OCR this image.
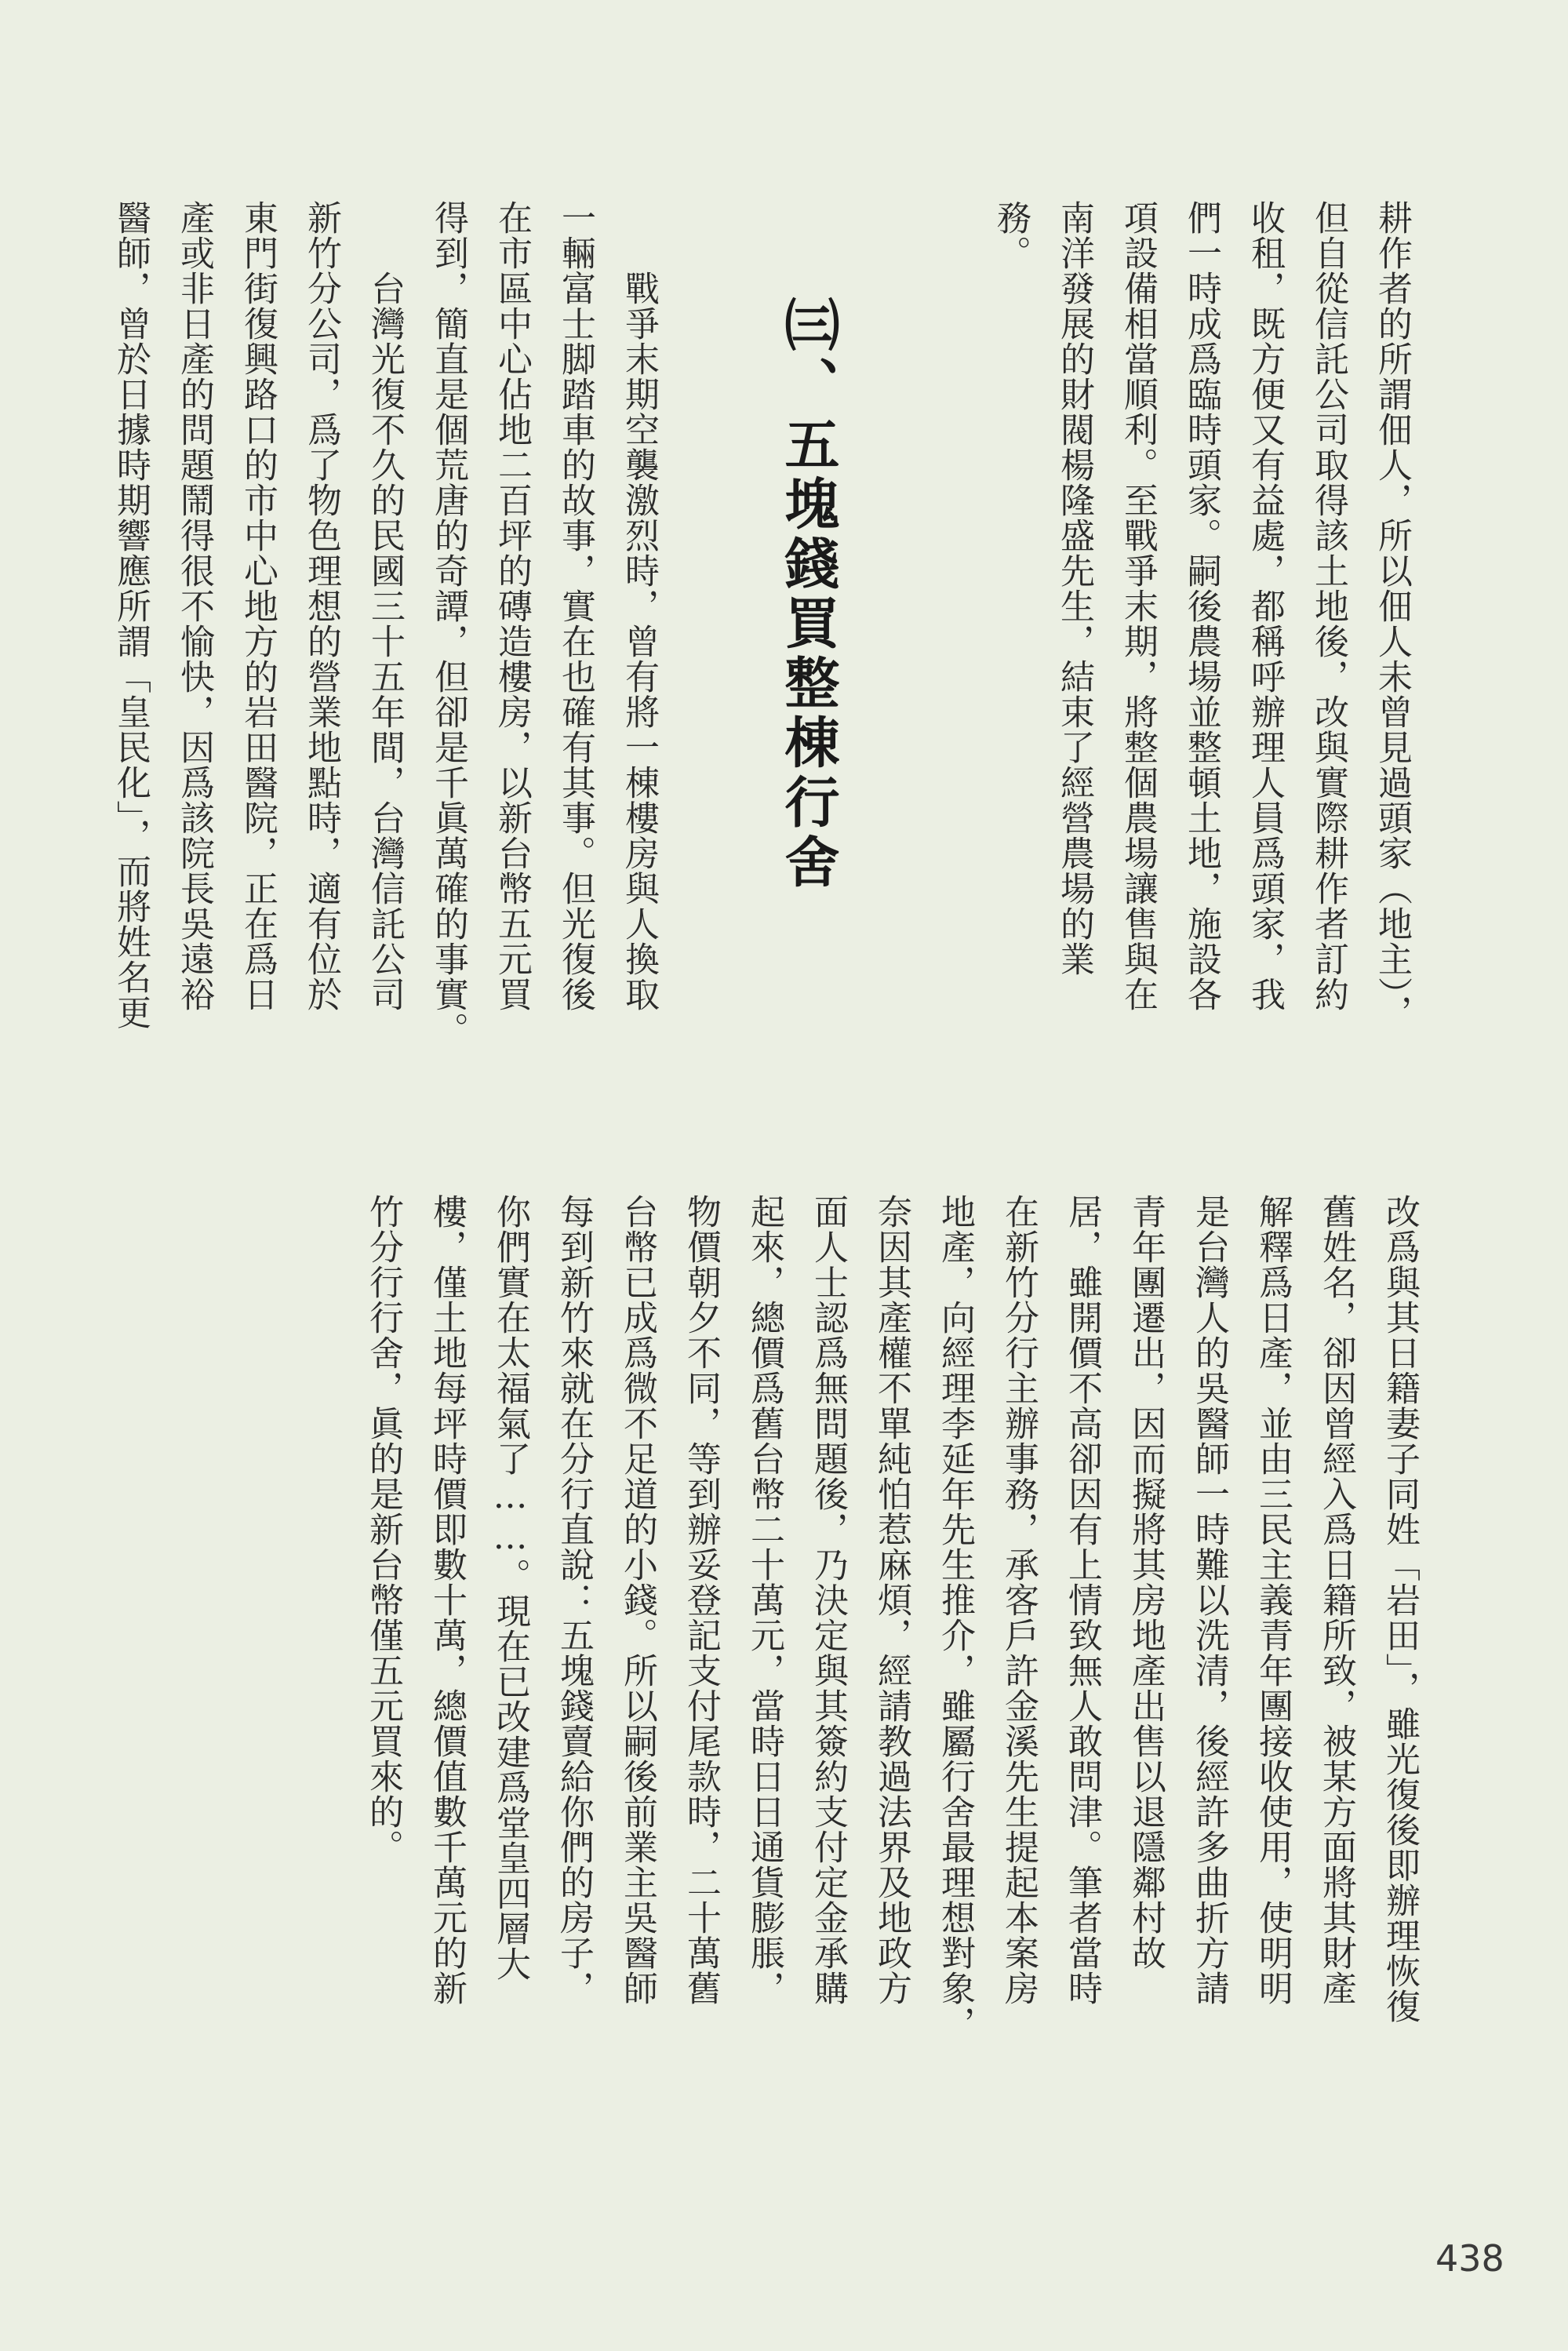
耕作者的所謂佃人，所以佃人未曾見過頭家（地主），
但自從信託公司取得該土地後，改與實際耕作者訂約
收租，既方便又有益處，都稱呼辦理人員爲頭家，我
們一時成爲臨時頭家。嗣後農場並整頓土地，施設各
項設備相當順利。至戰爭末期，將整個農場讓售與在
南洋發展的財閥楊隆盛先生，結束了經營農場的業
務。
㈢、五塊錢買整棟行舍
　　戰爭末期空襲激烈時，曾有將一棟樓房與人換取
一輛富士脚踏車的故事，實在也確有其事。但光復後
在市區中心佔地二百坪的磚造樓房，以新台幣五元買
得到，簡直是個荒唐的奇譚，但卻是千眞萬確的事實。
　　台灣光復不久的民國三十五年間，台灣信託公司
新竹分公司，爲了物色理想的營業地點時，適有位於
東門街復興路口的市中心地方的岩田醫院，正在爲日
產或非日產的問題鬧得很不愉快，因爲該院長吳遠裕
醫師，曾於日據時期響應所謂「皇民化」，而將姓名更
改爲與其日籍妻子同姓「岩田」，雖光復後即辦理恢復
舊姓名，卻因曾經入爲日籍所致，被某方面將其財產
解釋爲日產，並由三民主義青年團接收使用，使明明
是台灣人的吳醫師一時難以洗清，後經許多曲折方請
青年團遷出，因而擬將其房地產出售以退隱鄰村故
居，雖開價不高卻因有上情致無人敢問津。筆者當時
在新竹分行主辦事務，承客戶許金溪先生提起本案房
地產，向經理李延年先生推介，雖屬行舍最理想對象，
奈因其產權不單純怕惹麻煩，經請教過法界及地政方
面人士認爲無問題後，乃決定與其簽約支付定金承購
起來，總價爲舊台幣二十萬元，當時日日通貨膨脹，
物價朝夕不同，等到辦妥登記支付尾款時，二十萬舊
台幣已成爲微不足道的小錢。所以嗣後前業主吳醫師
每到新竹來就在分行直說：五塊錢賣給你們的房子，
你們實在太福氣了……。現在已改建爲堂皇四層大
樓，僅土地每坪時價即數十萬，總價值數千萬元的新
竹分行行舍，眞的是新台幣僅五元買來的。
438
